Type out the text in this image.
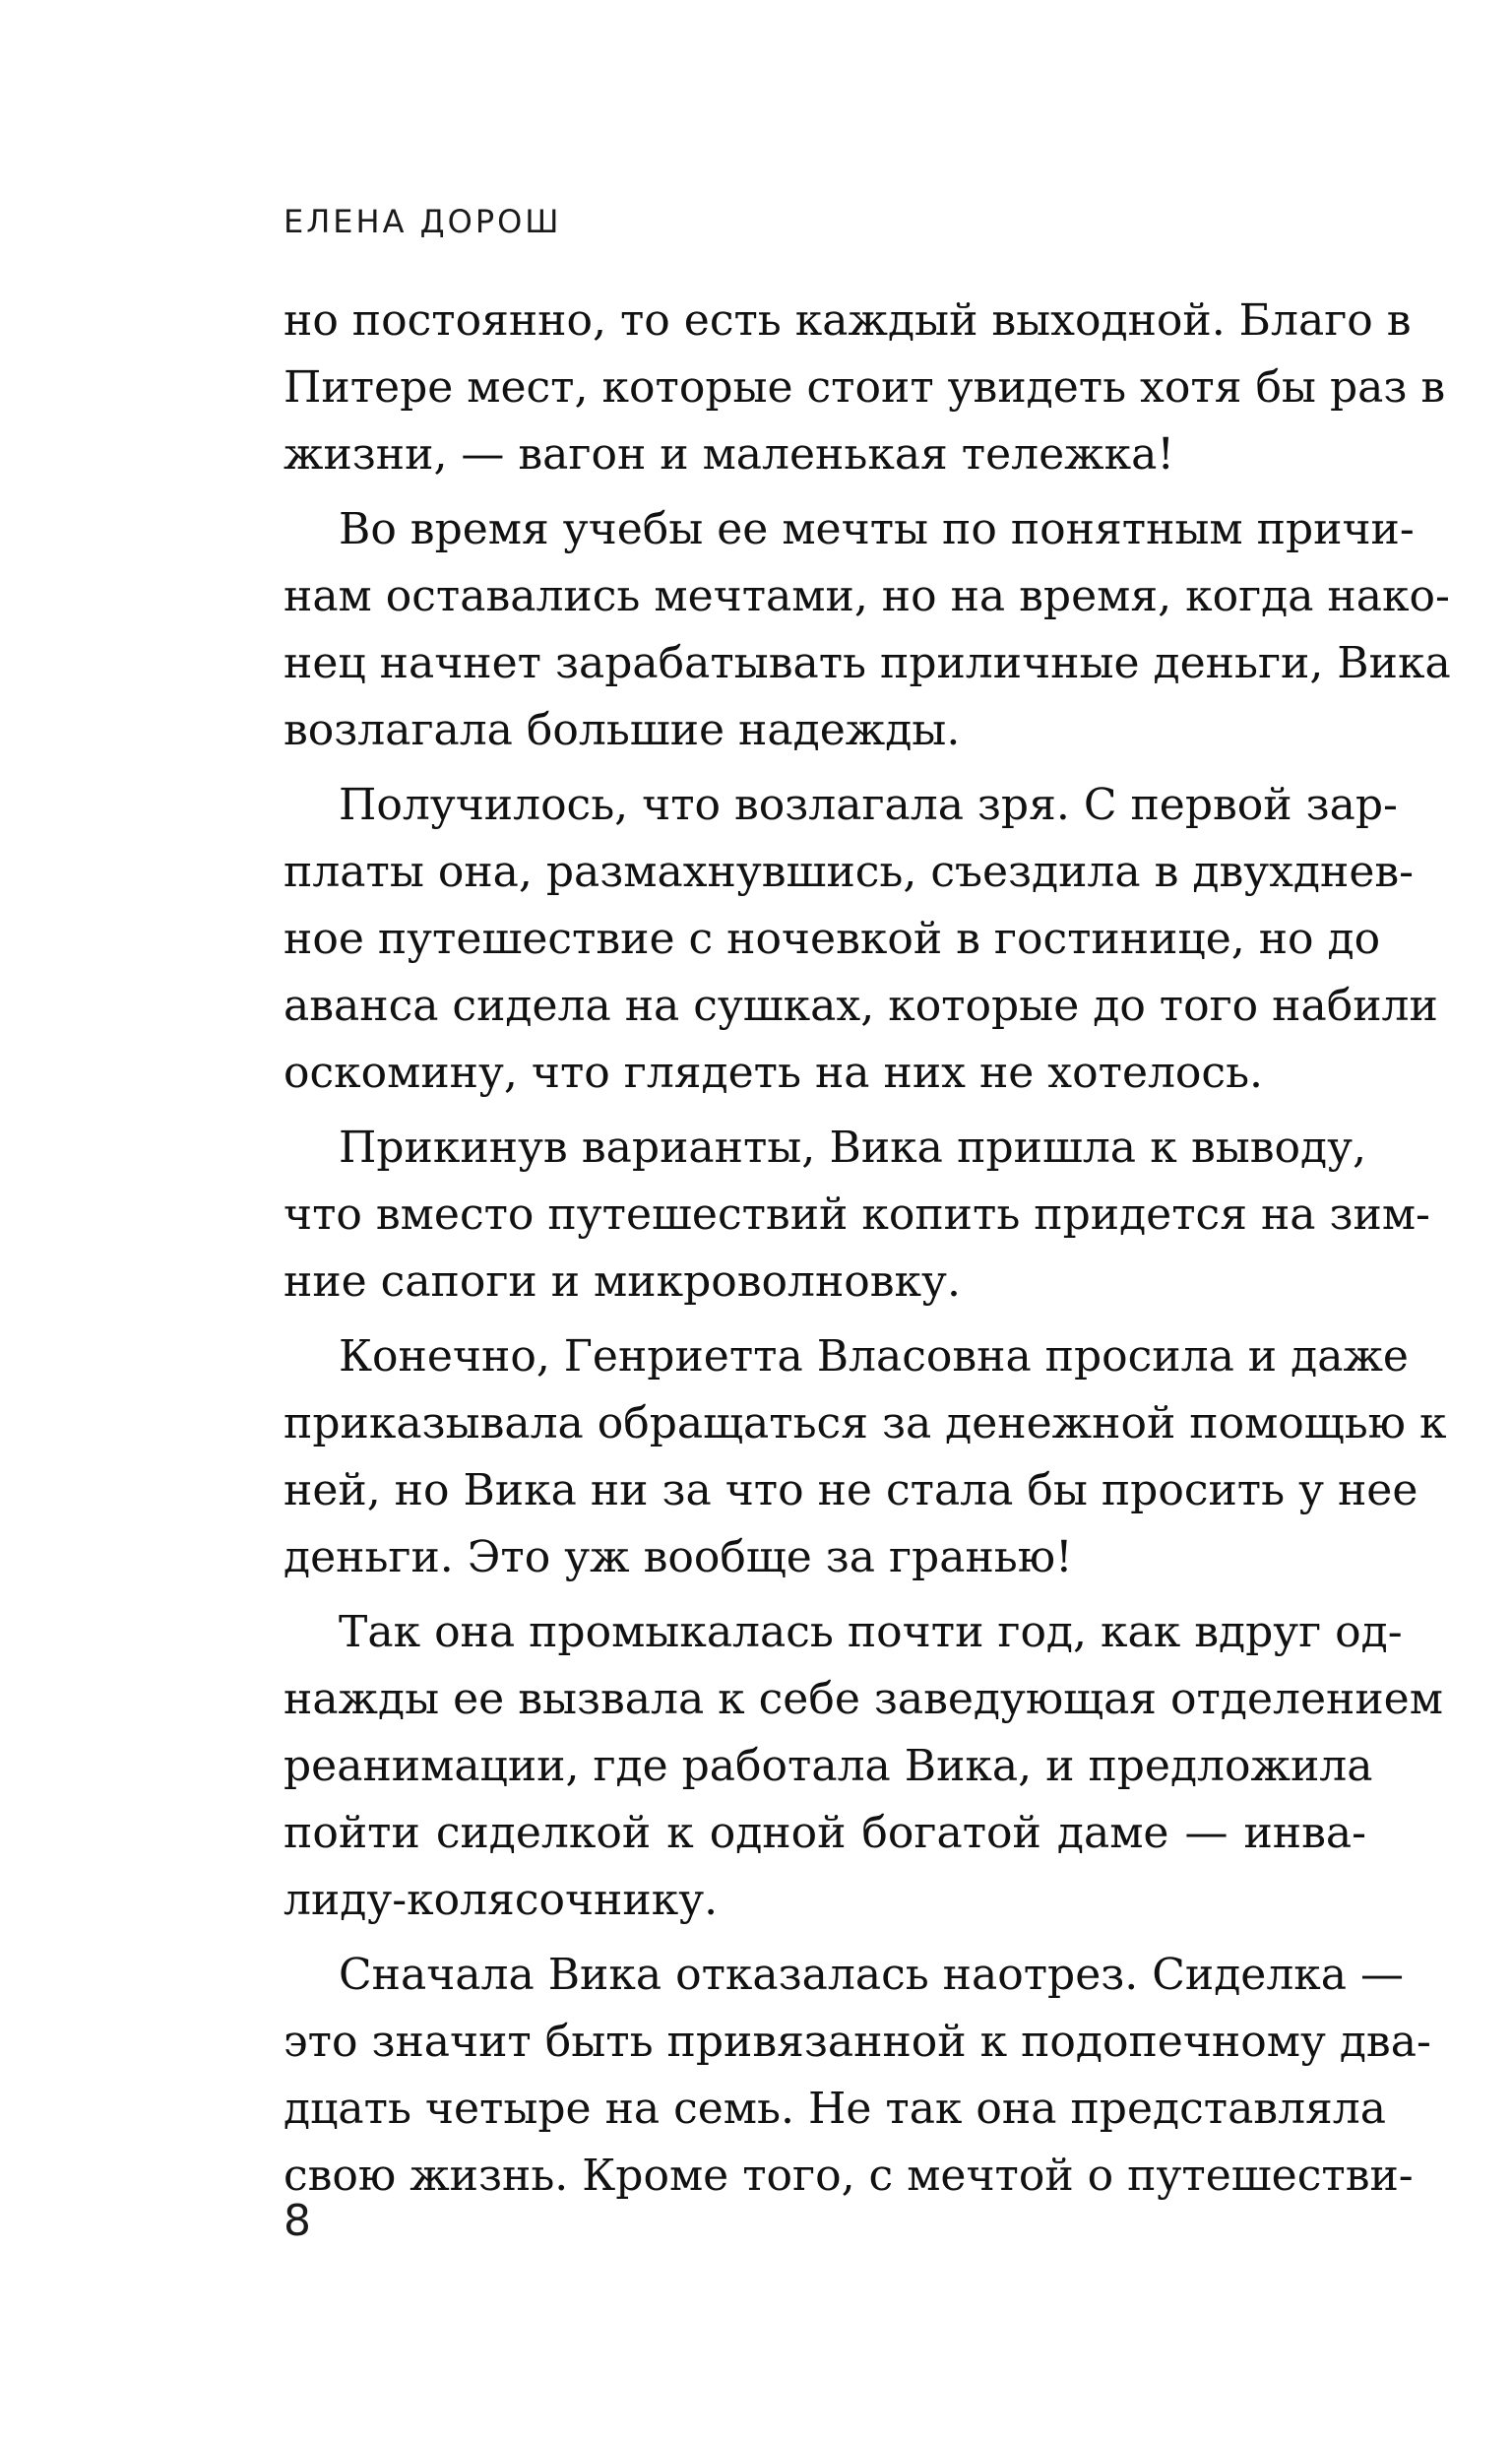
ЕЛЕНА ДОРОШ
но постоянно, то есть каждый выходной. Благо в
Питере мест, которые стоит увидеть хотя бы раз в
жизни, — вагон и маленькая тележка!
Во время учебы ее мечты по понятным причи-
нам оставались мечтами, но на время, когда нако-
нец начнет зарабатывать приличные деньги, Вика
возлагала большие надежды.
Получилось, что возлагала зря. С первой зар-
платы она, размахнувшись, съездила в двухднев-
ное путешествие с ночевкой в гостинице, но до
аванса сидела на сушках, которые до того набили
оскомину, что глядеть на них не хотелось.
Прикинув варианты, Вика пришла к выводу,
что вместо путешествий копить придется на зим-
ние сапоги и микроволновку.
Конечно, Генриетта Власовна просила и даже
приказывала обращаться за денежной помощью к
ней, но Вика ни за что не стала бы просить у нее
деньги. Это уж вообще за гранью!
Так она промыкалась почти год, как вдруг од-
нажды ее вызвала к себе заведующая отделением
реанимации, где работала Вика, и предложила
пойти сиделкой к одной богатой даме — инва-
лиду-колясочнику.
Сначала Вика отказалась наотрез. Сиделка —
это значит быть привязанной к подопечному два-
дцать четыре на семь. Не так она представляла
свою жизнь. Кроме того, с мечтой о путешестви-
8
